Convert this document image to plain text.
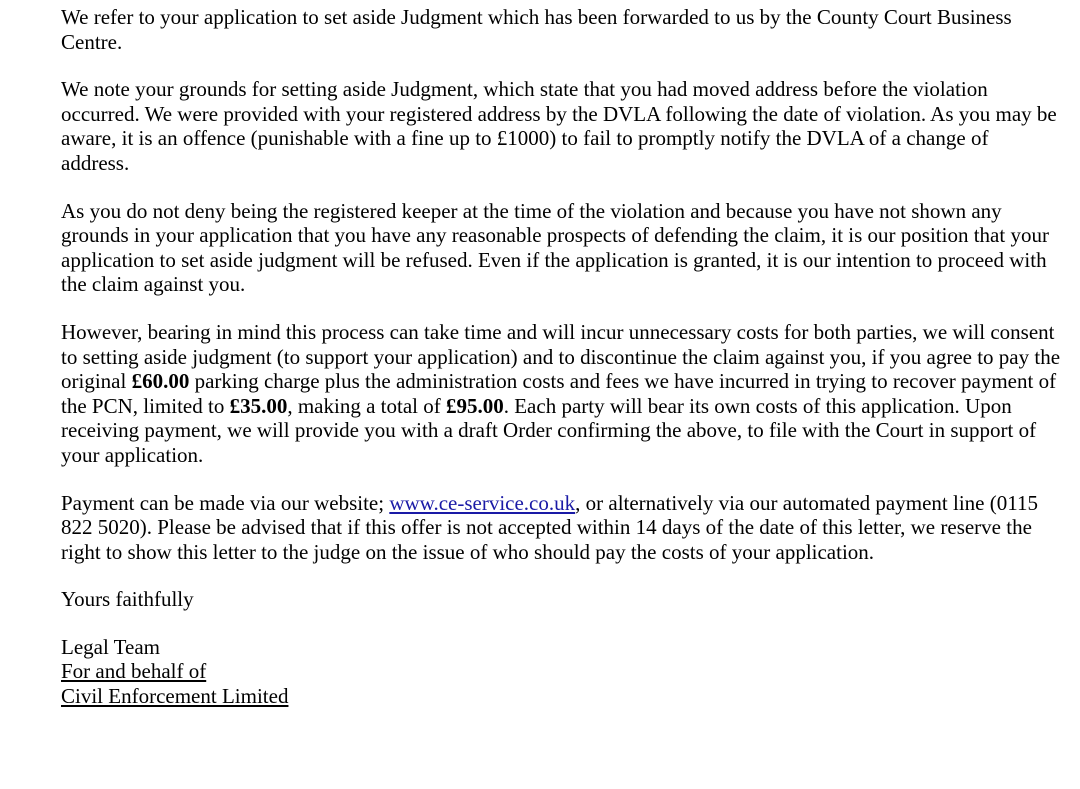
We refer to your application to set aside Judgment which has been forwarded to us by the County Court Business Centre.

We note your grounds for setting aside Judgment, which state that you had moved address before the violation occurred. We were provided with your registered address by the DVLA following the date of violation. As you may be aware, it is an offence (punishable with a fine up to £1000) to fail to promptly notify the DVLA of a change of address.

As you do not deny being the registered keeper at the time of the violation and because you have not shown any grounds in your application that you have any reasonable prospects of defending the claim, it is our position that your application to set aside judgment will be refused. Even if the application is granted, it is our intention to proceed with the claim against you.

However, bearing in mind this process can take time and will incur unnecessary costs for both parties, we will consent to setting aside judgment (to support your application) and to discontinue the claim against you, if you agree to pay the original £60.00 parking charge plus the administration costs and fees we have incurred in trying to recover payment of the PCN, limited to £35.00, making a total of £95.00. Each party will bear its own costs of this application. Upon receiving payment, we will provide you with a draft Order confirming the above, to file with the Court in support of your application.

Payment can be made via our website; www.ce-service.co.uk, or alternatively via our automated payment line (0115 822 5020). Please be advised that if this offer is not accepted within 14 days of the date of this letter, we reserve the right to show this letter to the judge on the issue of who should pay the costs of your application.

Yours faithfully

Legal Team
For and behalf of
Civil Enforcement Limited
